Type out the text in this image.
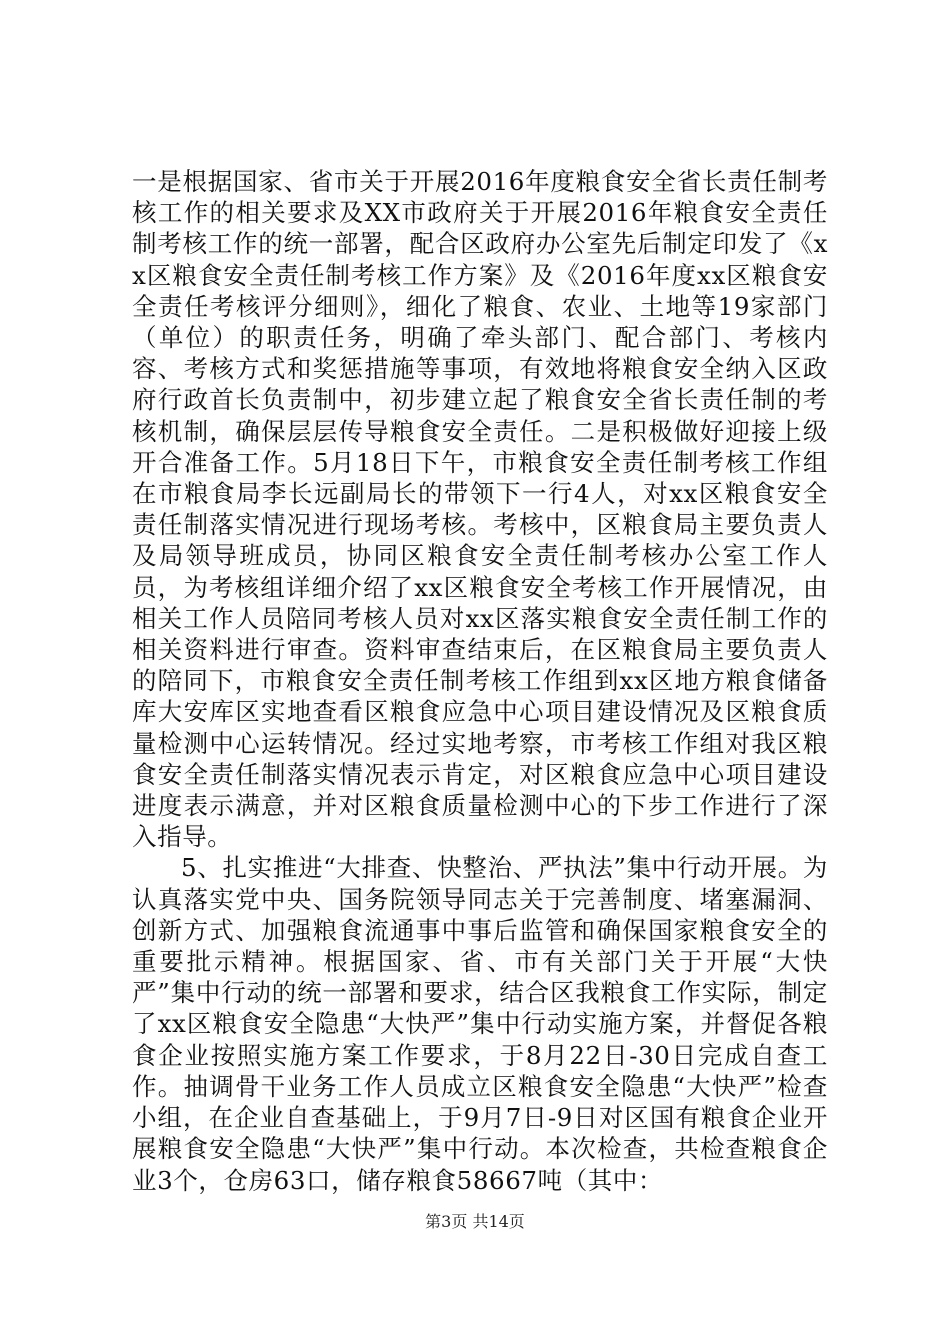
一是根据国家、省市关于开展2016年度粮食安全省长责任制考核工作的相关要求及XX市政府关于开展2016年粮食安全责任制考核工作的统一部署，配合区政府办公室先后制定印发了《xx区粮食安全责任制考核工作方案》及《2016年度xx区粮食安全责任考核评分细则》，细化了粮食、农业、土地等19家部门（单位）的职责任务，明确了牵头部门、配合部门、考核内容、考核方式和奖惩措施等事项，有效地将粮食安全纳入区政府行政首长负责制中，初步建立起了粮食安全省长责任制的考核机制，确保层层传导粮食安全责任。二是积极做好迎接上级开合准备工作。5月18日下午，市粮食安全责任制考核工作组在市粮食局李长远副局长的带领下一行4人，对xx区粮食安全责任制落实情况进行现场考核。考核中，区粮食局主要负责人及局领导班成员，协同区粮食安全责任制考核办公室工作人员，为考核组详细介绍了xx区粮食安全考核工作开展情况，由相关工作人员陪同考核人员对xx区落实粮食安全责任制工作的相关资料进行审查。资料审查结束后，在区粮食局主要负责人的陪同下，市粮食安全责任制考核工作组到xx区地方粮食储备库大安库区实地查看区粮食应急中心项目建设情况及区粮食质量检测中心运转情况。经过实地考察，市考核工作组对我区粮食安全责任制落实情况表示肯定，对区粮食应急中心项目建设进度表示满意，并对区粮食质量检测中心的下步工作进行了深入指导。

5、扎实推进“大排查、快整治、严执法”集中行动开展。为认真落实党中央、国务院领导同志关于完善制度、堵塞漏洞、创新方式、加强粮食流通事中事后监管和确保国家粮食安全的重要批示精神。根据国家、省、市有关部门关于开展“大快严”集中行动的统一部署和要求，结合区我粮食工作实际，制定了xx区粮食安全隐患“大快严”集中行动实施方案，并督促各粮食企业按照实施方案工作要求，于8月22日-30日完成自查工作。抽调骨干业务工作人员成立区粮食安全隐患“大快严”检查小组，在企业自查基础上，于9月7日-9日对区国有粮食企业开展粮食安全隐患“大快严”集中行动。本次检查，共检查粮食企业3个，仓房63口，储存粮食58667吨（其中：

第3页 共14页
